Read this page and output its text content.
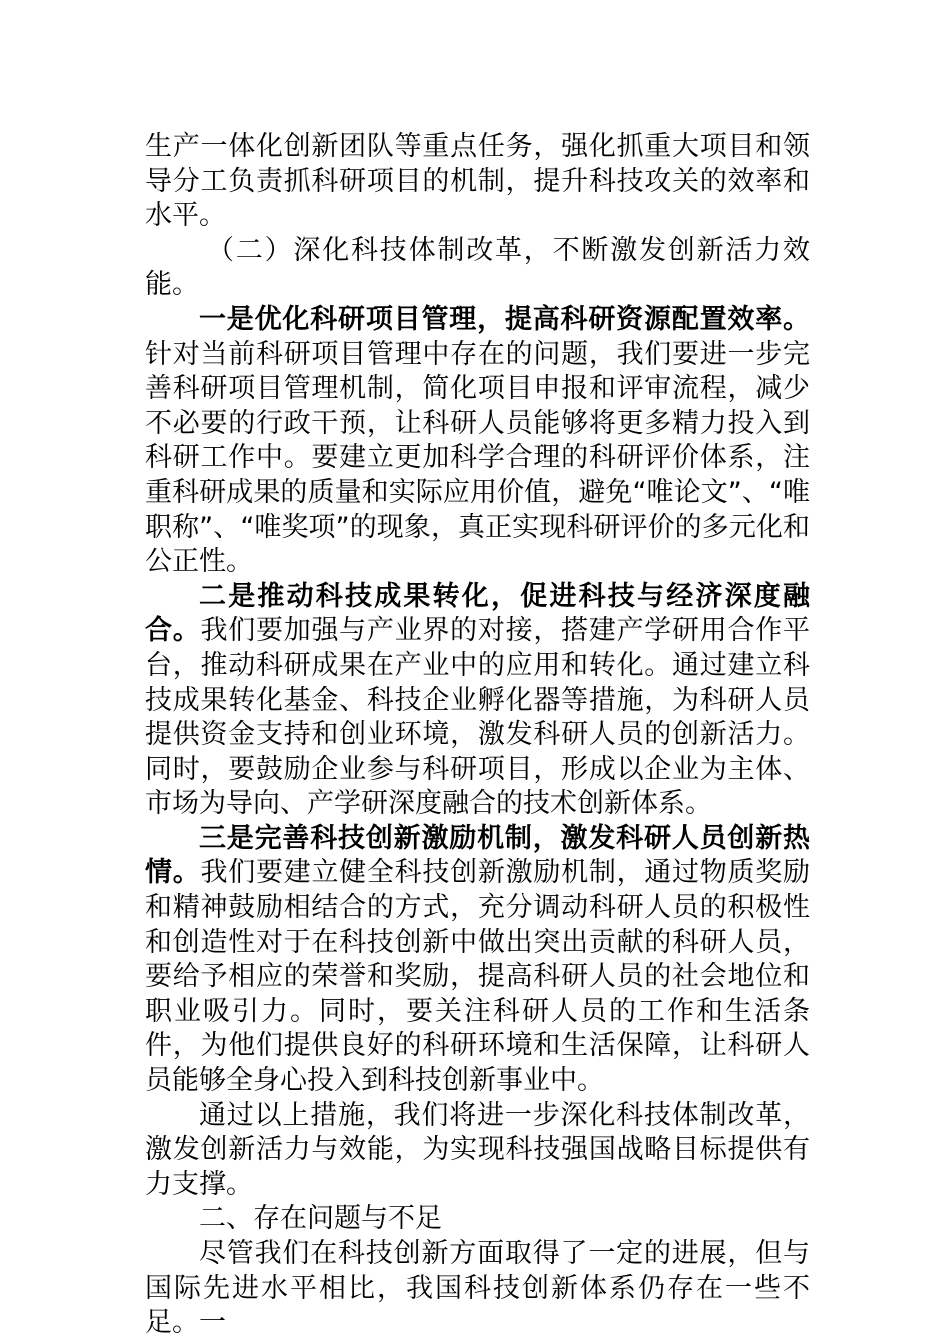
生产一体化创新团队等重点任务，强化抓重大项目和领导分工负责抓科研项目的机制，提升科技攻关的效率和水平。

（二）深化科技体制改革，不断激发创新活力效能。

一是优化科研项目管理，提高科研资源配置效率。针对当前科研项目管理中存在的问题，我们要进一步完善科研项目管理机制，简化项目申报和评审流程，减少不必要的行政干预，让科研人员能够将更多精力投入到科研工作中。要建立更加科学合理的科研评价体系，注重科研成果的质量和实际应用价值，避免“唯论文”、“唯职称”、“唯奖项”的现象，真正实现科研评价的多元化和公正性。

二是推动科技成果转化，促进科技与经济深度融合。我们要加强与产业界的对接，搭建产学研用合作平台，推动科研成果在产业中的应用和转化。通过建立科技成果转化基金、科技企业孵化器等措施，为科研人员提供资金支持和创业环境，激发科研人员的创新活力。同时，要鼓励企业参与科研项目，形成以企业为主体、市场为导向、产学研深度融合的技术创新体系。

三是完善科技创新激励机制，激发科研人员创新热情。我们要建立健全科技创新激励机制，通过物质奖励和精神鼓励相结合的方式，充分调动科研人员的积极性和创造性对于在科技创新中做出突出贡献的科研人员，要给予相应的荣誉和奖励，提高科研人员的社会地位和职业吸引力。同时，要关注科研人员的工作和生活条件，为他们提供良好的科研环境和生活保障，让科研人员能够全身心投入到科技创新事业中。

通过以上措施，我们将进一步深化科技体制改革，激发创新活力与效能，为实现科技强国战略目标提供有力支撑。

二、存在问题与不足

尽管我们在科技创新方面取得了一定的进展，但与国际先进水平相比，我国科技创新体系仍存在一些不足。一
